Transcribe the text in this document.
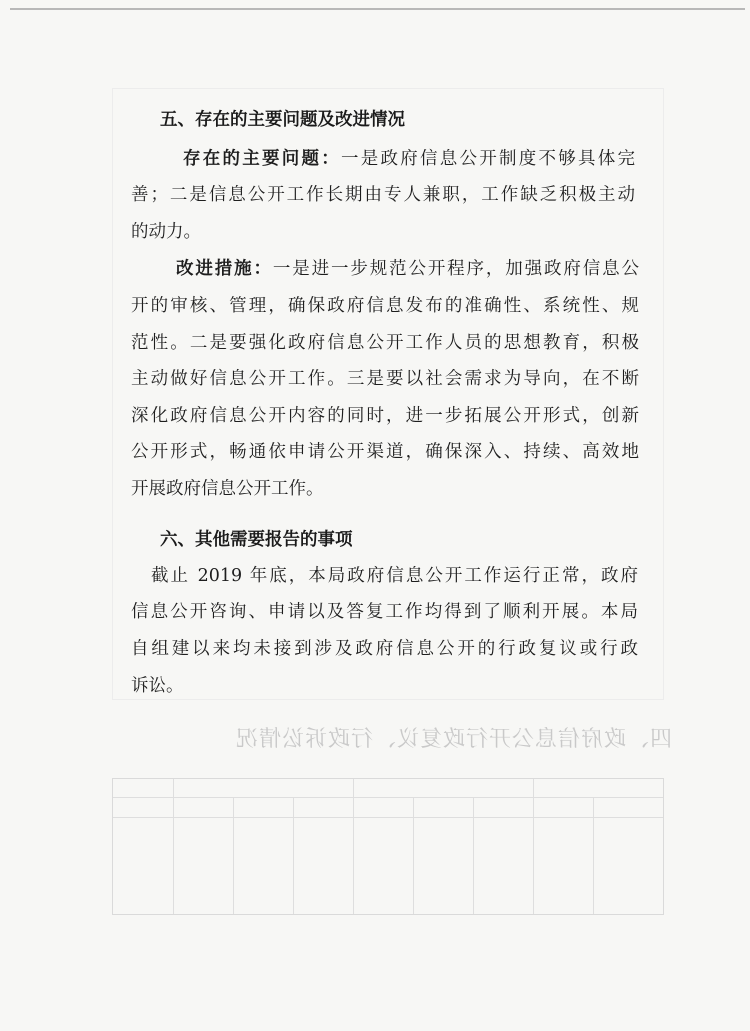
四、政府信息公开行政复议、行政诉讼情况
五、存在的主要问题及改进情况
存在的主要问题：一是政府信息公开制度不够具体完
善；二是信息公开工作长期由专人兼职，工作缺乏积极主动
的动力。
改进措施：一是进一步规范公开程序，加强政府信息公
开的审核、管理，确保政府信息发布的准确性、系统性、规
范性。二是要强化政府信息公开工作人员的思想教育，积极
主动做好信息公开工作。三是要以社会需求为导向，在不断
深化政府信息公开内容的同时，进一步拓展公开形式，创新
公开形式，畅通依申请公开渠道，确保深入、持续、高效地
开展政府信息公开工作。
六、其他需要报告的事项
截止 2019 年底，本局政府信息公开工作运行正常，政府
信息公开咨询、申请以及答复工作均得到了顺利开展。本局
自组建以来均未接到涉及政府信息公开的行政复议或行政
诉讼。
